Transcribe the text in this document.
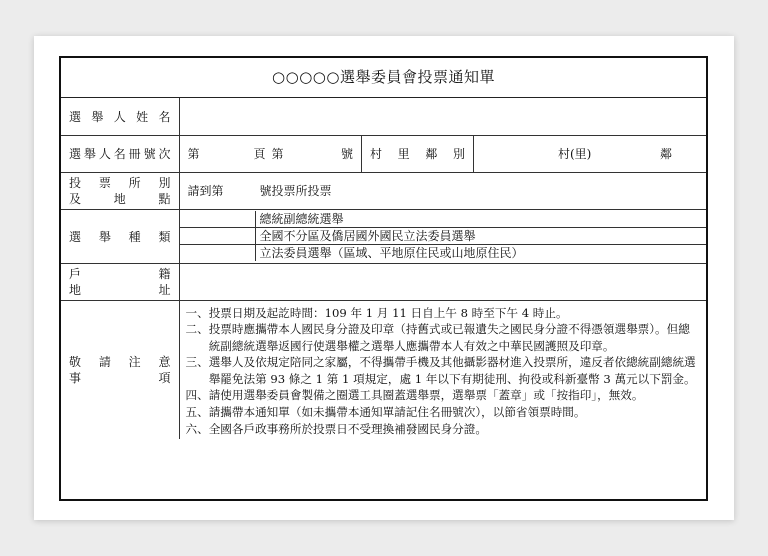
○○○○○選舉委員會投票通知單
選舉人姓名	
選舉人名冊號次	第	頁 第	號	村里鄰別	村(里)	鄰

投票所別
及地點
	請到第　　　號投票所投票
選舉種類	
總統副總統選舉
全國不分區及僑居國外國民立法委員選舉
立法委員選舉（區域、平地原住民或山地原住民）

戶籍
地址

敬請注意
事項

一、 投票日期及起訖時間：109 年 1 月 11 日自上午 8 時至下午 4 時止。
二、 投票時應攜帶本人國民身分證及印章（持舊式或已報遺失之國民身分證不得憑領選舉票）。但總統副總統選舉返國行使選舉權之選舉人應攜帶本人有效之中華民國護照及印章。
三、 選舉人及依規定陪同之家屬，不得攜帶手機及其他攝影器材進入投票所，違反者依總統副總統選舉罷免法第 93 條之 1 第 1 項規定，處 1 年以下有期徒刑、拘役或科新臺幣 3 萬元以下罰金。
四、 請使用選舉委員會製備之圈選工具圈蓋選舉票，選舉票「蓋章」或「按指印」，無效。
五、 請攜帶本通知單（如未攜帶本通知單請記住名冊號次），以節省領票時間。
六、 全國各戶政事務所於投票日不受理換補發國民身分證。
